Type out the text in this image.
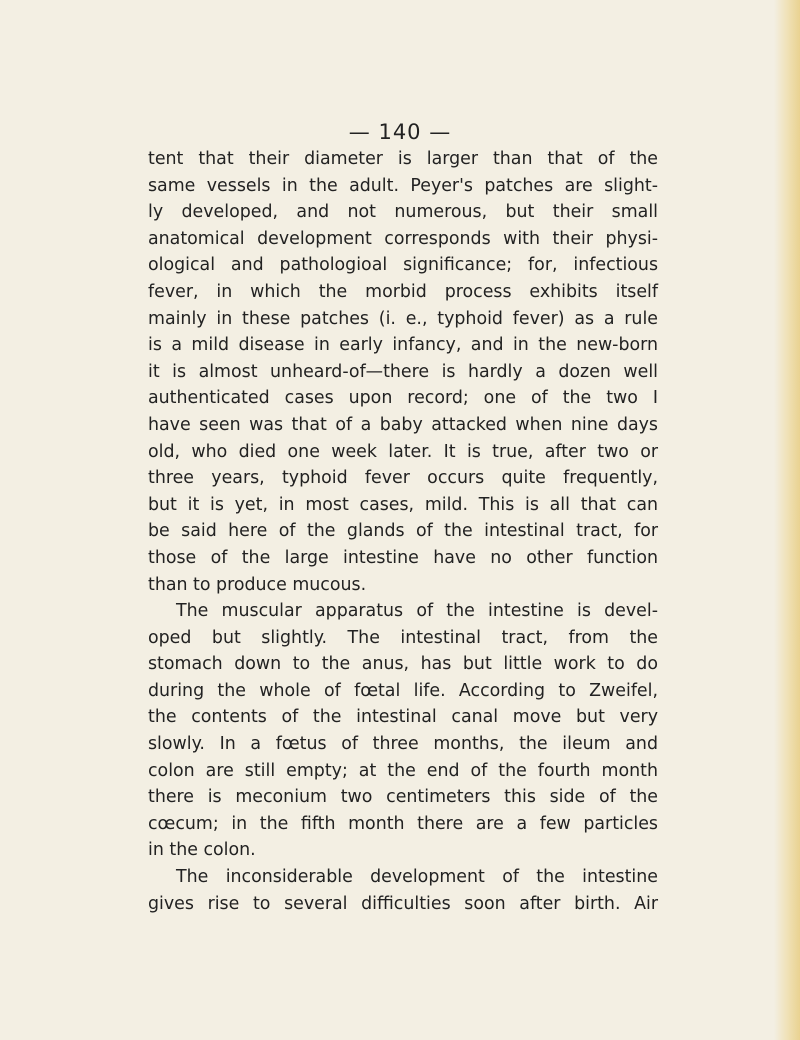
— 140 —
tent that their diameter is larger than that of the
same vessels in the adult. Peyer's patches are slight-
ly developed, and not numerous, but their small
anatomical development corresponds with their physi-
ological and pathologioal significance; for, infectious
fever, in which the morbid process exhibits itself
mainly in these patches (i. e., typhoid fever) as a rule
is a mild disease in early infancy, and in the new-born
it is almost unheard-of—there is hardly a dozen well
authenticated cases upon record; one of the two I
have seen was that of a baby attacked when nine days
old, who died one week later. It is true, after two or
three years, typhoid fever occurs quite frequently,
but it is yet, in most cases, mild. This is all that can
be said here of the glands of the intestinal tract, for
those of the large intestine have no other function
than to produce mucous.
The muscular apparatus of the intestine is devel-
oped but slightly. The intestinal tract, from the
stomach down to the anus, has but little work to do
during the whole of fœtal life. According to Zweifel,
the contents of the intestinal canal move but very
slowly. In a fœtus of three months, the ileum and
colon are still empty; at the end of the fourth month
there is meconium two centimeters this side of the
cœcum; in the fifth month there are a few particles
in the colon.
The inconsiderable development of the intestine
gives rise to several difficulties soon after birth. Air
